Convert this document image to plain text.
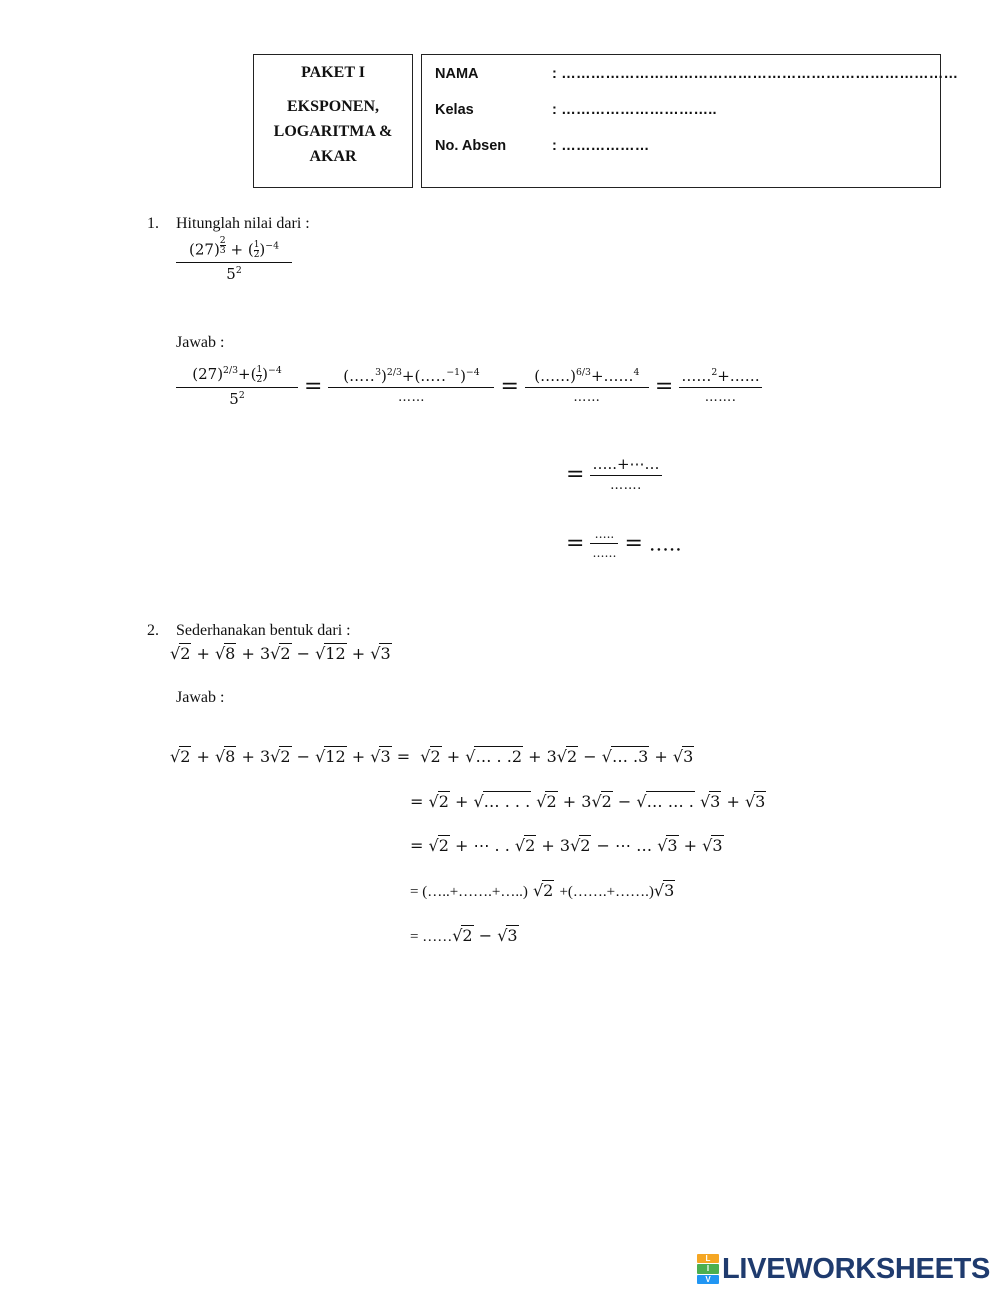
PAKET I
EKSPONEN,
LOGARITMA &
AKAR
NAMA	: ………………………………………………………………………
Kelas	: …………………………..
No. Absen	: ………………
1. Hitunglah nilai dari :
(27) $^{\frac{2}{3}}$ + ( $\frac{1}{2} )^{-4}$
$5^2$
Jawab :
$\frac{(27)^{2/3}+( \frac{1}{2} )^{-4}}{5^2} = \frac{(\dots..^3)^{2/3}+(\dots..^{-1})^{-4}}{\dots\dots} = \frac{(\dots\dots)^{6/3}+\dots\dots^4}{\dots\dots} = \frac{\dots\dots^2+\dots\dots}{\dots\dots.}$
= $\frac{\dots..+\cdots\dots}{\dots\dots.}$
= $\frac{\dots..}{\dots\dots}$ = …..
2. Sederhanakan bentuk dari :
√2 + √8 + 3√2 − √12 + √3
Jawab :
√2 + √8 + 3√2 − √12 + √3 =  √2 + √… . .2 + 3√2 − √… .3 + √3
= √2 + √… . . . √2 + 3√2 − √… … . √3 + √3
= √2 + ⋯ . . √2 + 3√2 − ⋯ … √3 + √3
= (…..+…….+…..) √2 +(…….+…….)√3
= ……√2 − √3
L
I
V LIVEWORKSHEETS
